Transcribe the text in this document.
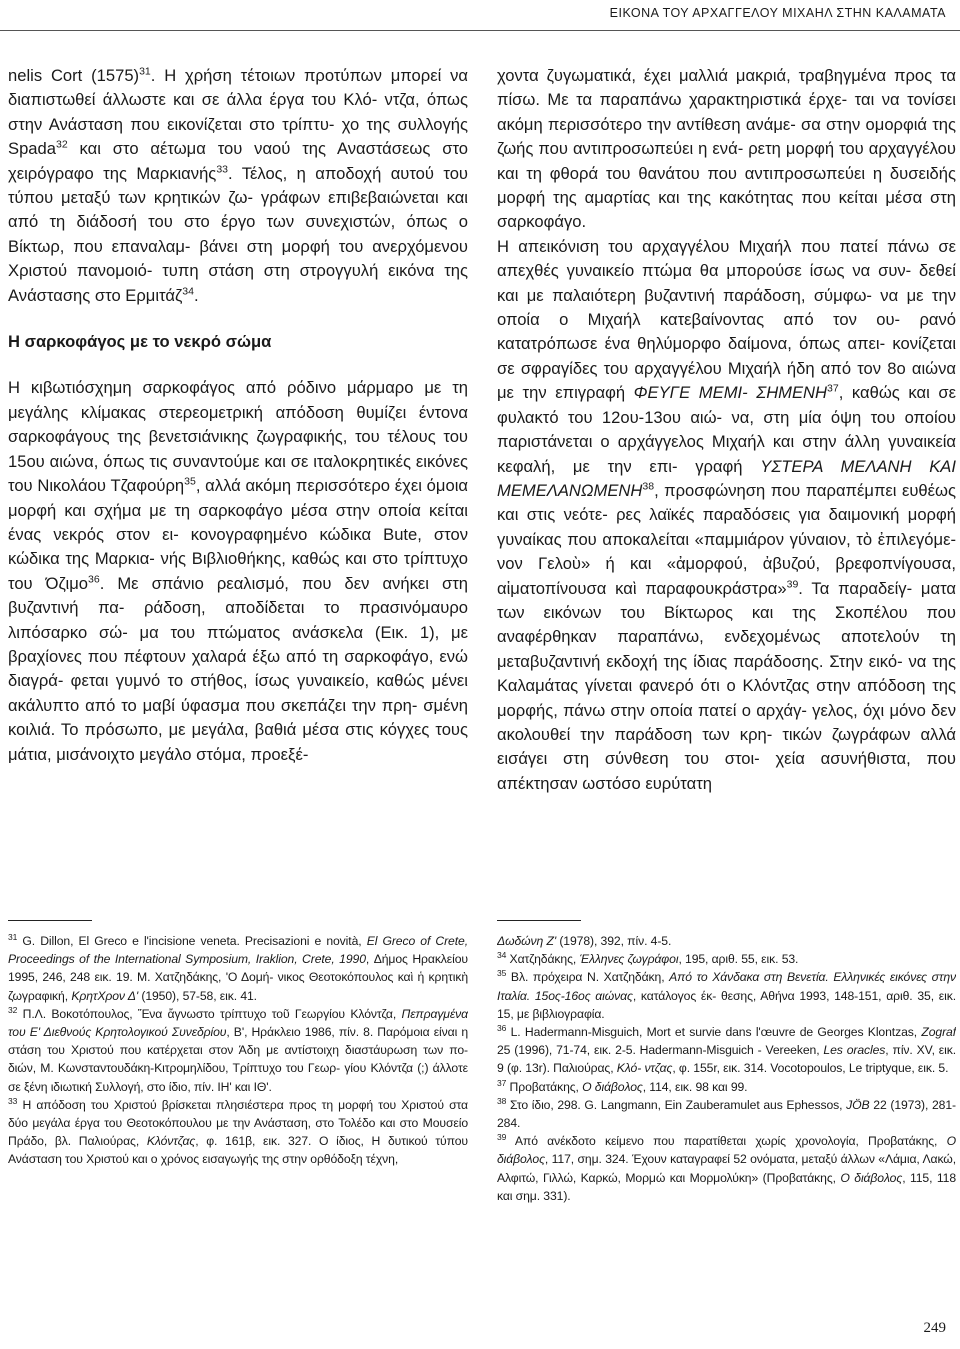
ΕΙΚΟΝΑ ΤΟΥ ΑΡΧΑΓΓΕΛΟΥ ΜΙΧΑΗΛ ΣΤΗΝ ΚΑΛΑΜΑΤΑ

nelis Cort $(1575)^{31}$. Η χρήση τέτοιων προτύπων μπορεί να διαπιστωθεί άλλωστε και σε άλλα έργα του Κλό- ντζα, όπως στην Ανάσταση που εικονίζεται στο τρίπτυ- χο της συλλογής Spada$^{32}$ και στο αέτωμα του ναού της Αναστάσεως στο χειρόγραφο της Μαρκιανής$^{33}$. Τέλος, η αποδοχή αυτού του τύπου μεταξύ των κρητικών ζω- γράφων επιβεβαιώνεται και από τη διάδοσή του στο έργο των συνεχιστών, όπως ο Βίκτωρ, που επαναλαμ- βάνει στη μορφή του ανερχόμενου Χριστού πανομοιό- τυπη στάση στη στρογγυλή εικόνα της Ανάστασης στο Ερμιτάζ$^{34}$.

Η σαρκοφάγος με το νεκρό σώμα

Η κιβωτιόσχημη σαρκοφάγος από ρόδινο μάρμαρο με τη μεγάλης κλίμακας στερεομετρική απόδοση θυμίζει έντονα σαρκοφάγους της βενετσιάνικης ζωγραφικής, του τέλους του 15ου αιώνα, όπως τις συναντούμε και σε ιταλοκρητικές εικόνες του Νικολάου Τζαφούρη$^{35}$, αλλά ακόμη περισσότερο έχει όμοια μορφή και σχήμα με τη σαρκοφάγο μέσα στην οποία κείται ένας νεκρός στον ει- κονογραφημένο κώδικα Bute, στον κώδικα της Μαρκια- νής Βιβλιοθήκης, καθώς και στο τρίπτυχο του Όζιμο$^{36}$. Με σπάνιο ρεαλισμό, που δεν ανήκει στη βυζαντινή πα- ράδοση, αποδίδεται το πρασινόμαυρο λιπόσαρκο σώ- μα του πτώματος ανάσκελα (Εικ. 1), με βραχίονες που πέφτουν χαλαρά έξω από τη σαρκοφάγο, ενώ διαγρά- φεται γυμνό το στήθος, ίσως γυναικείο, καθώς μένει ακάλυπτο από το μαβί ύφασμα που σκεπάζει την πρη- σμένη κοιλιά. Το πρόσωπο, με μεγάλα, βαθιά μέσα στις κόγχες τους μάτια, μισάνοιχτο μεγάλο στόμα, προεξέ-

χοντα ζυγωματικά, έχει μαλλιά μακριά, τραβηγμένα προς τα πίσω. Με τα παραπάνω χαρακτηριστικά έρχε- ται να τονίσει ακόμη περισσότερο την αντίθεση ανάμε- σα στην ομορφιά της ζωής που αντιπροσωπεύει η ενά- ρετη μορφή του αρχαγγέλου και τη φθορά του θανάτου που αντιπροσωπεύει η δυσειδής μορφή της αμαρτίας και της κακότητας που κείται μέσα στη σαρκοφάγο.

Η απεικόνιση του αρχαγγέλου Μιχαήλ που πατεί πάνω σε απεχθές γυναικείο πτώμα θα μπορούσε ίσως να συν- δεθεί και με παλαιότερη βυζαντινή παράδοση, σύμφω- να με την οποία ο Μιχαήλ κατεβαίνοντας από τον ου- ρανό κατατρόπωσε ένα θηλύμορφο δαίμονα, όπως απει- κονίζεται σε σφραγίδες του αρχαγγέλου Μιχαήλ ήδη από τον 8ο αιώνα με την επιγραφή ΦΕΥΓΕ ΜΕΜΙ- ΣΗΜΕΝΗ$^{37}$, καθώς και σε φυλακτό του 12ου-13ου αιώ- να, στη μία όψη του οποίου παριστάνεται ο αρχάγγελος Μιχαήλ και στην άλλη γυναικεία κεφαλή, με την επι- γραφή ΥΣΤΕΡΑ ΜΕΛΑΝΗ ΚΑΙ ΜΕΜΕΛΑΝΩΜΕΝΗ$^{38}$, προσφώνηση που παραπέμπει ευθέως και στις νεότε- ρες λαϊκές παραδόσεις για δαιμονική μορφή γυναίκας που αποκαλείται «παμμιάρον γύναιον, τὸ ἐπιλεγόμε- νον Γελοὺ» ή και «ἀμορφού, ἀβυζού, βρεφοπνίγουσα, αἱματοπίνουσα καὶ παραφουκράστρα»$^{39}$. Τα παραδείγ- ματα των εικόνων του Βίκτωρος και της Σκοπέλου που αναφέρθηκαν παραπάνω, ενδεχομένως αποτελούν τη μεταβυζαντινή εκδοχή της ίδιας παράδοσης. Στην εικό- να της Καλαμάτας γίνεται φανερό ότι ο Κλόντζας στην απόδοση της μορφής, πάνω στην οποία πατεί ο αρχάγ- γελος, όχι μόνο δεν ακολουθεί την παράδοση των κρη- τικών ζωγράφων αλλά εισάγει στη σύνθεση του στοι- χεία ασυνήθιστα, που απέκτησαν ωστόσο ευρύτατη

$^{31}$ G. Dillon, El Greco e l'incisione veneta. Precisazioni e novità, El Greco of Crete, Proceedings of the International Symposium, Iraklion, Crete, 1990, Δήμος Ηρακλείου 1995, 246, 248 εικ. 19. Μ. Χατζηδάκης, 'Ο Δομή- νικος Θεοτοκόπουλος καὶ ἡ κρητικὴ ζωγραφική, ΚρητΧρον Δ' (1950), 57-58, εικ. 41.

$^{32}$ Π.Λ. Βοκοτόπουλος, Ἕνα ἄγνωστο τρίπτυχο τοῦ Γεωργίου Κλόντζα, Πεπραγμένα του Ε' Διεθνούς Κρητολογικού Συνεδρίου, Β', Ηράκλειο 1986, πίν. 8. Παρόμοια είναι η στάση του Χριστού που κατέρχεται στον Άδη με αντίστοιχη διαστάυρωση των πο- διών, Μ. Κωνσταντουδάκη-Κιτρομηλίδου, Τρίπτυχο του Γεωρ- γίου Κλόντζα (;) άλλοτε σε ξένη ιδιωτική Συλλογή, στο ίδιο, πίν. ΙΗ' και ΙΘ'.

$^{33}$ Η απόδοση του Χριστού βρίσκεται πλησιέστερα προς τη μορφή του Χριστού στα δύο μεγάλα έργα του Θεοτοκόπουλου με την Ανάσταση, στο Τολέδο και στο Μουσείο Πράδο, βλ. Παλιούρας, Κλόντζας, φ. 161β, εικ. 327. Ο ίδιος, Η δυτικού τύπου Ανάσταση του Χριστού και ο χρόνος εισαγωγής της στην ορθόδοξη τέχνη,

Δωδώνη Ζ' (1978), 392, πίν. 4-5.

$^{34}$ Χατζηδάκης, Έλληνες ζωγράφοι, 195, αριθ. 55, εικ. 53.

$^{35}$ Βλ. πρόχειρα Ν. Χατζηδάκη, Από το Χάνδακα στη Βενετία. Ελληνικές εικόνες στην Ιταλία. 15ος-16ος αιώνας, κατάλογος έκ- θεσης, Αθήνα 1993, 148-151, αριθ. 35, εικ. 15, με βιβλιογραφία.

$^{36}$ L. Hadermann-Misguich, Mort et survie dans l'œuvre de Georges Klontzas, Zograf 25 (1996), 71-74, εικ. 2-5. Hadermann-Misguich - Vereeken, Les oracles, πίν. XV, εικ. 9 (φ. 13r). Παλιούρας, Κλό- ντζας, φ. 155r, εικ. 314. Vocotopoulos, Le triptyque, εικ. 5.

$^{37}$ Προβατάκης, Ο διάβολος, 114, εικ. 98 και 99.

$^{38}$ Στο ίδιο, 298. G. Langmann, Ein Zauberamulet aus Ephessos, JÖB 22 (1973), 281-284.

$^{39}$ Από ανέκδοτο κείμενο που παρατίθεται χωρίς χρονολογία, Προβατάκης, Ο διάβολος, 117, σημ. 324. Έχουν καταγραφεί 52 ονόματα, μεταξύ άλλων «Λάμια, Λακώ, Αλφιτώ, Γιλλώ, Καρκώ, Μορμώ και Μορμολύκη» (Προβατάκης, Ο διάβολος, 115, 118 και σημ. 331).

249
